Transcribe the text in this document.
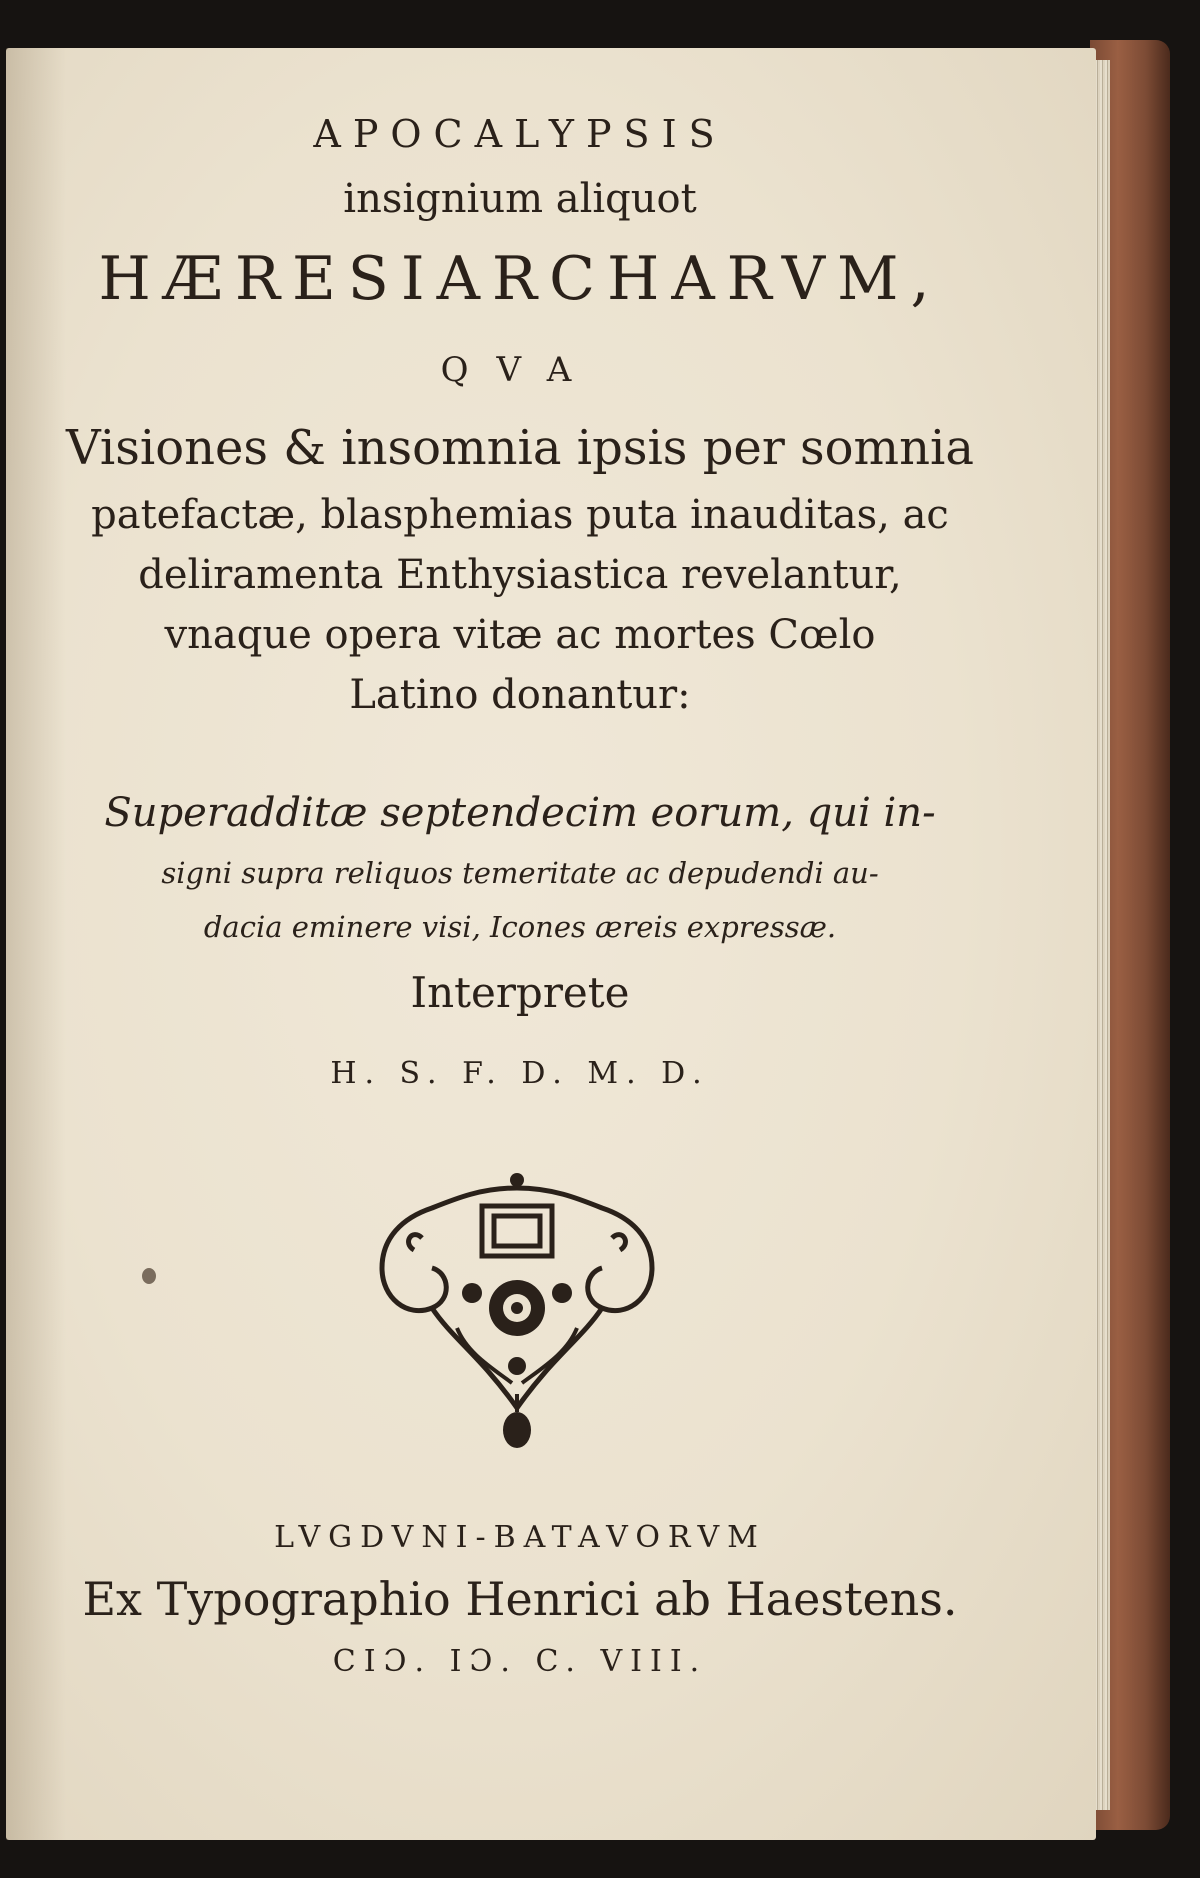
APOCALYPSIS
insignium aliquot
HÆRESIARCHARVM,
QVA
Visiones & insomnia ipsis per somnia
patefactæ, blasphemias puta inauditas, ac
deliramenta Enthysiastica revelantur,
vnaque opera vitæ ac mortes Cœlo
Latino donantur:
Superadditæ septendecim eorum, qui in-
signi supra reliquos temeritate ac depudendi au-
dacia eminere visi, Icones æreis expressæ.
Interprete
H. S. F. D. M. D.
LVGDVNI-BATAVORVM
Ex Typographio Henrici ab Haestens.
CIƆ. IƆ. C. VIII.
